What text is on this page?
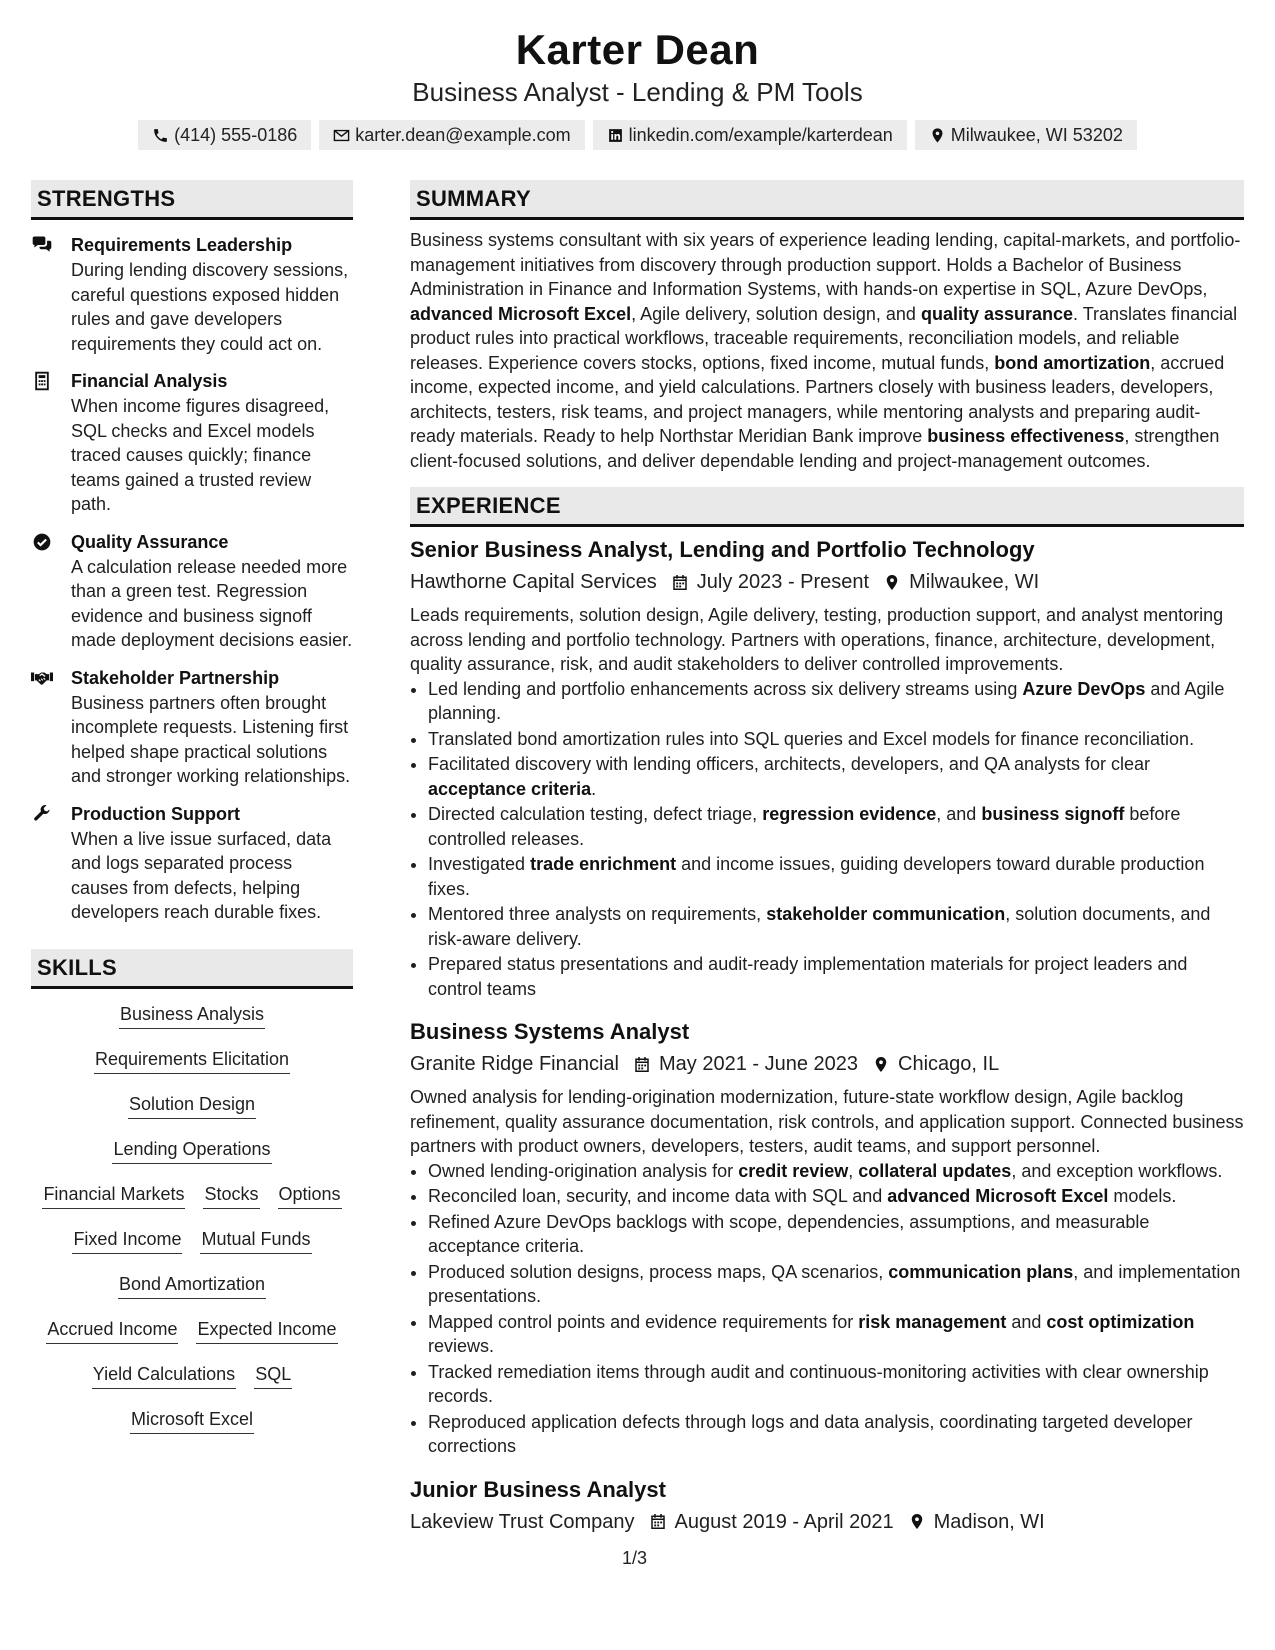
Karter Dean
Business Analyst - Lending & PM Tools
(414) 555-0186	karter.dean@example.com	linkedin.com/example/karterdean	Milwaukee, WI 53202
STRENGTHS
Requirements Leadership
During lending discovery sessions, careful questions exposed hidden rules and gave developers requirements they could act on.
Financial Analysis
When income figures disagreed, SQL checks and Excel models traced causes quickly; finance teams gained a trusted review path.
Quality Assurance
A calculation release needed more than a green test. Regression evidence and business signoff made deployment decisions easier.
Stakeholder Partnership
Business partners often brought incomplete requests. Listening first helped shape practical solutions and stronger working relationships.
Production Support
When a live issue surfaced, data and logs separated process causes from defects, helping developers reach durable fixes.
SKILLS
Business Analysis
Requirements Elicitation
Solution Design
Lending Operations
Financial Markets Stocks Options
Fixed Income Mutual Funds
Bond Amortization
Accrued Income Expected Income
Yield Calculations SQL
Microsoft Excel
SUMMARY
Business systems consultant with six years of experience leading lending, capital-markets, and portfolio-management initiatives from discovery through production support. Holds a Bachelor of Business Administration in Finance and Information Systems, with hands-on expertise in SQL, Azure DevOps, advanced Microsoft Excel, Agile delivery, solution design, and quality assurance. Translates financial product rules into practical workflows, traceable requirements, reconciliation models, and reliable releases. Experience covers stocks, options, fixed income, mutual funds, bond amortization, accrued income, expected income, and yield calculations. Partners closely with business leaders, developers, architects, testers, risk teams, and project managers, while mentoring analysts and preparing audit-ready materials. Ready to help Northstar Meridian Bank improve business effectiveness, strengthen client-focused solutions, and deliver dependable lending and project-management outcomes.
EXPERIENCE
Senior Business Analyst, Lending and Portfolio Technology
Hawthorne Capital Services July 2023 - Present Milwaukee, WI
Leads requirements, solution design, Agile delivery, testing, production support, and analyst mentoring across lending and portfolio technology. Partners with operations, finance, architecture, development, quality assurance, risk, and audit stakeholders to deliver controlled improvements.
• Led lending and portfolio enhancements across six delivery streams using Azure DevOps and Agile planning.
• Translated bond amortization rules into SQL queries and Excel models for finance reconciliation.
• Facilitated discovery with lending officers, architects, developers, and QA analysts for clear acceptance criteria.
• Directed calculation testing, defect triage, regression evidence, and business signoff before controlled releases.
• Investigated trade enrichment and income issues, guiding developers toward durable production fixes.
• Mentored three analysts on requirements, stakeholder communication, solution documents, and risk-aware delivery.
• Prepared status presentations and audit-ready implementation materials for project leaders and control teams
Business Systems Analyst
Granite Ridge Financial May 2021 - June 2023 Chicago, IL
Owned analysis for lending-origination modernization, future-state workflow design, Agile backlog refinement, quality assurance documentation, risk controls, and application support. Connected business partners with product owners, developers, testers, audit teams, and support personnel.
• Owned lending-origination analysis for credit review, collateral updates, and exception workflows.
• Reconciled loan, security, and income data with SQL and advanced Microsoft Excel models.
• Refined Azure DevOps backlogs with scope, dependencies, assumptions, and measurable acceptance criteria.
• Produced solution designs, process maps, QA scenarios, communication plans, and implementation presentations.
• Mapped control points and evidence requirements for risk management and cost optimization reviews.
• Tracked remediation items through audit and continuous-monitoring activities with clear ownership records.
• Reproduced application defects through logs and data analysis, coordinating targeted developer corrections
Junior Business Analyst
Lakeview Trust Company August 2019 - April 2021 Madison, WI
1/3
